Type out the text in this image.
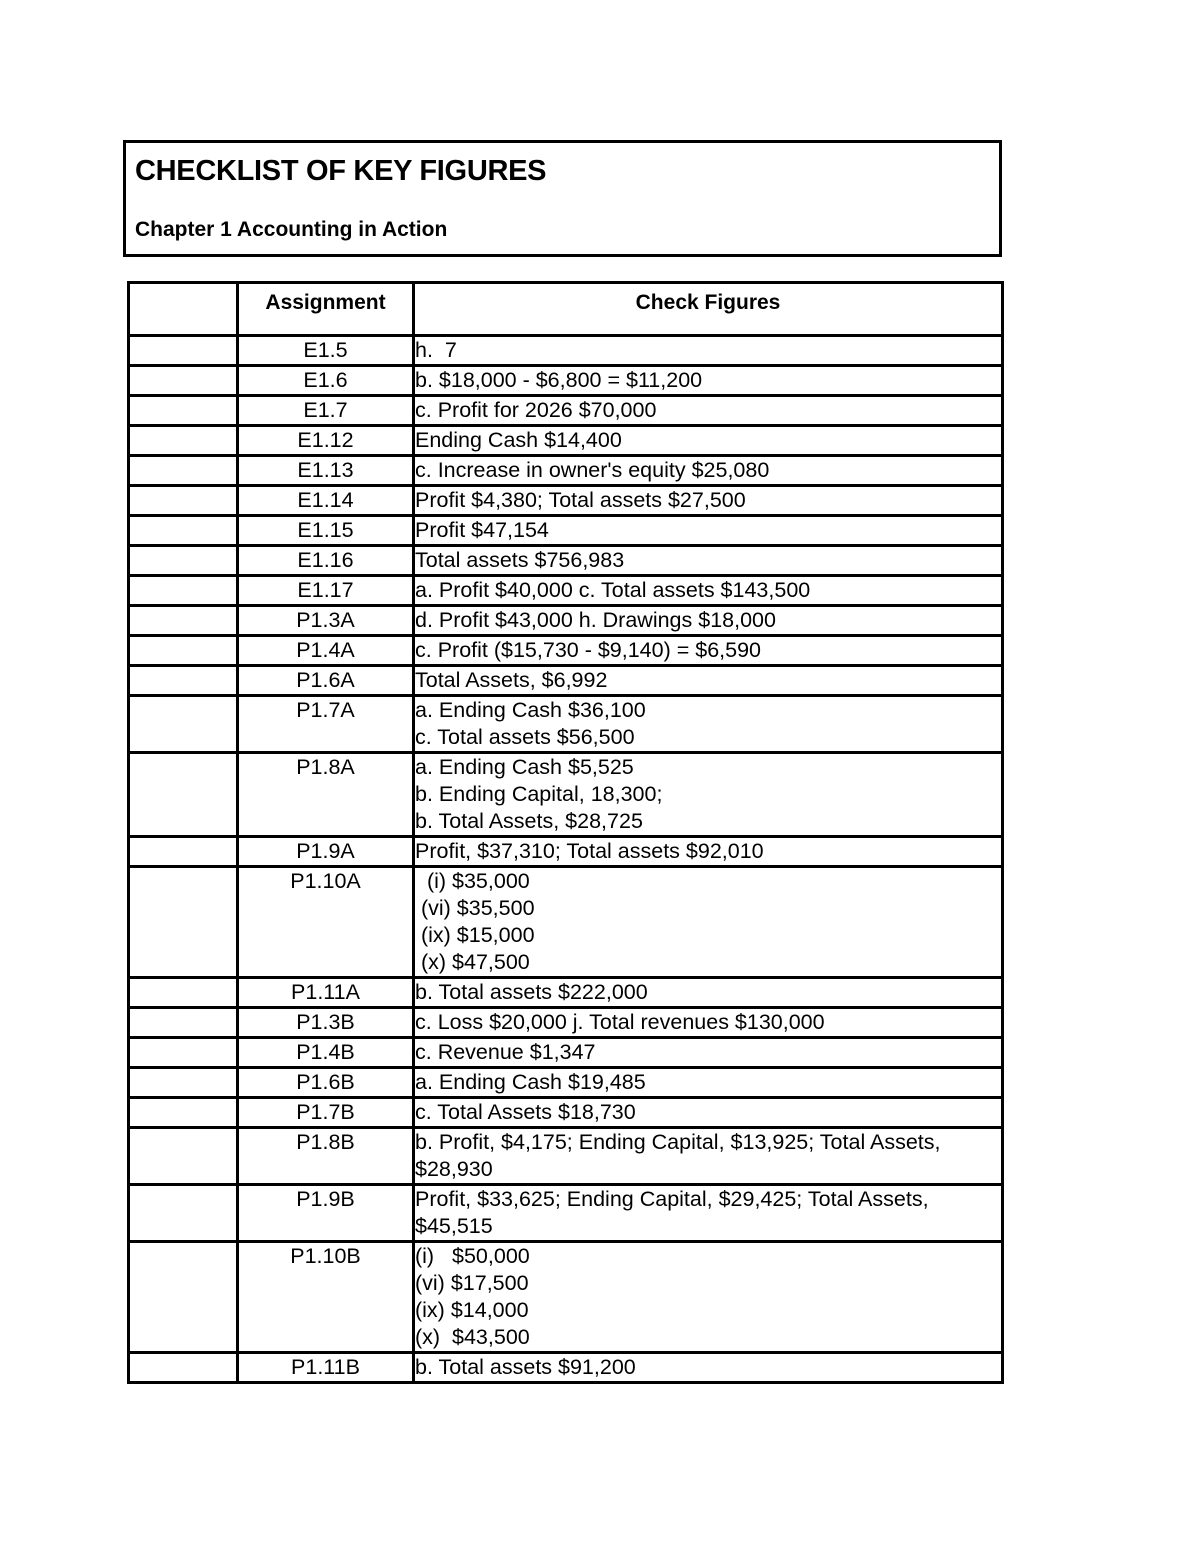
CHECKLIST OF KEY FIGURES
Chapter 1 Accounting in Action
	Assignment	Check Figures
	E1.5	h.  7
	E1.6	b. $18,000 - $6,800 = $11,200
	E1.7	c. Profit for 2026 $70,000
	E1.12	Ending Cash $14,400
	E1.13	c. Increase in owner's equity $25,080
	E1.14	Profit $4,380; Total assets $27,500
	E1.15	Profit $47,154
	E1.16	Total assets $756,983
	E1.17	a. Profit $40,000 c. Total assets $143,500
	P1.3A	d. Profit $43,000 h. Drawings $18,000
	P1.4A	c. Profit ($15,730 - $9,140) = $6,590
	P1.6A	Total Assets, $6,992
	P1.7A	a. Ending Cash $36,100
c. Total assets $56,500
	P1.8A	a. Ending Cash $5,525
b. Ending Capital, 18,300;
b. Total Assets, $28,725
	P1.9A	Profit, $37,310; Total assets $92,010
	P1.10A	(i) $35,000
(vi) $35,500
(ix) $15,000
(x) $47,500
	P1.11A	b. Total assets $222,000
	P1.3B	c. Loss $20,000 j. Total revenues $130,000
	P1.4B	c. Revenue $1,347
	P1.6B	a. Ending Cash $19,485
	P1.7B	c. Total Assets $18,730
	P1.8B	b. Profit, $4,175; Ending Capital, $13,925; Total Assets, $28,930
	P1.9B	Profit, $33,625; Ending Capital, $29,425; Total Assets, $45,515
	P1.10B	(i)   $50,000
(vi) $17,500
(ix) $14,000
(x)  $43,500
	P1.11B	b. Total assets $91,200
